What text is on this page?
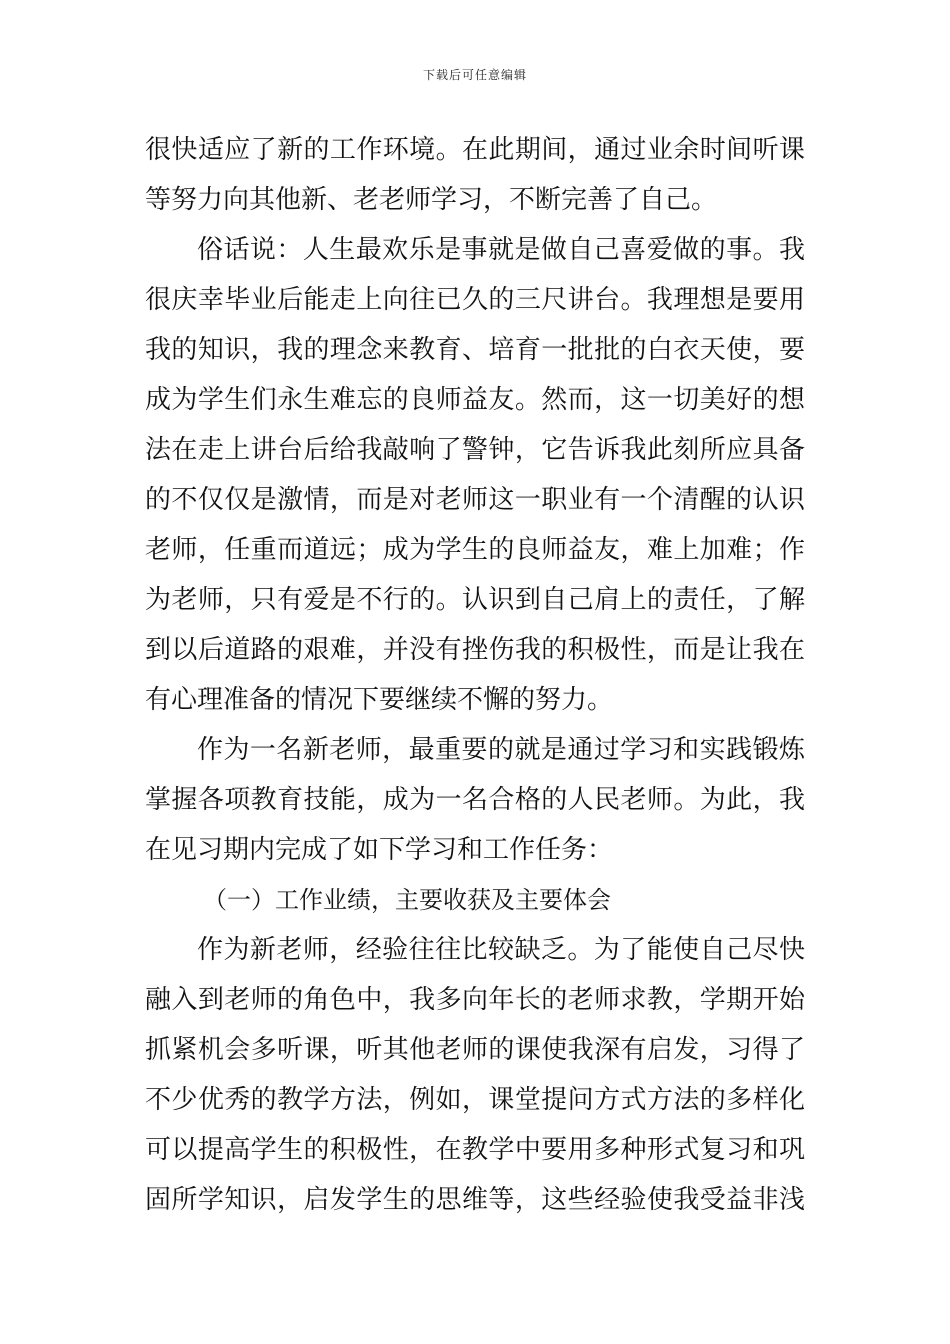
下载后可任意编辑
很快适应了新的工作环境。在此期间，通过业余时间听课
等努力向其他新、老老师学习，不断完善了自己。
俗话说：人生最欢乐是事就是做自己喜爱做的事。我
很庆幸毕业后能走上向往已久的三尺讲台。我理想是要用
我的知识，我的理念来教育、培育一批批的白衣天使，要
成为学生们永生难忘的良师益友。然而，这一切美好的想
法在走上讲台后给我敲响了警钟，它告诉我此刻所应具备
的不仅仅是激情，而是对老师这一职业有一个清醒的认识
老师，任重而道远；成为学生的良师益友，难上加难；作
为老师，只有爱是不行的。认识到自己肩上的责任，了解
到以后道路的艰难，并没有挫伤我的积极性，而是让我在
有心理准备的情况下要继续不懈的努力。
作为一名新老师，最重要的就是通过学习和实践锻炼
掌握各项教育技能，成为一名合格的人民老师。为此，我
在见习期内完成了如下学习和工作任务：
（一）工作业绩，主要收获及主要体会
作为新老师，经验往往比较缺乏。为了能使自己尽快
融入到老师的角色中，我多向年长的老师求教，学期开始
抓紧机会多听课，听其他老师的课使我深有启发，习得了
不少优秀的教学方法，例如，课堂提问方式方法的多样化
可以提高学生的积极性，在教学中要用多种形式复习和巩
固所学知识，启发学生的思维等，这些经验使我受益非浅
